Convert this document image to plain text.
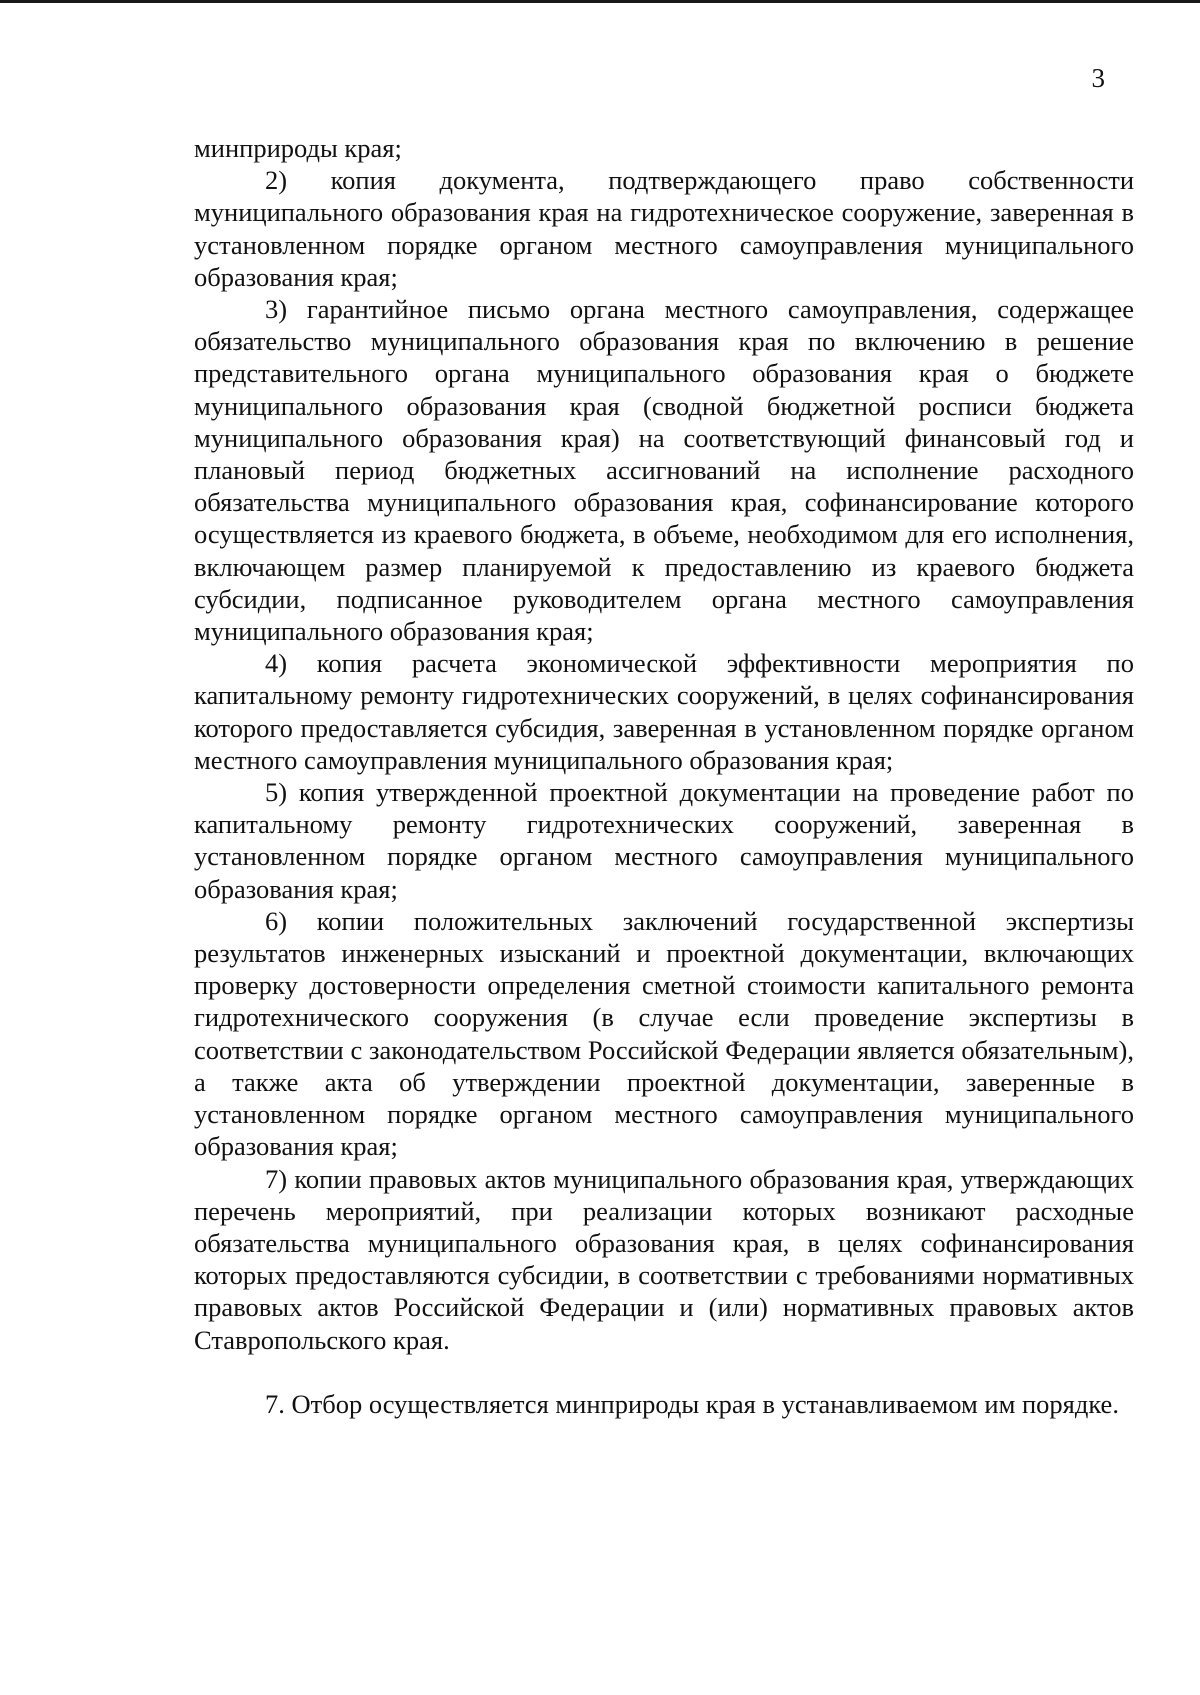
3

минприроды края;

2) копия документа, подтверждающего право собственности муниципального образования края на гидротехническое сооружение, заверенная в установленном порядке органом местного самоуправления муниципального образования края;

3) гарантийное письмо органа местного самоуправления, содержащее обязательство муниципального образования края по включению в решение представительного органа муниципального образования края о бюджете муниципального образования края (сводной бюджетной росписи бюджета муниципального образования края) на соответствующий финансовый год и плановый период бюджетных ассигнований на исполнение расходного обязательства муниципального образования края, софинансирование которого осуществляется из краевого бюджета, в объеме, необходимом для его исполнения, включающем размер планируемой к предоставлению из краевого бюджета субсидии, подписанное руководителем органа местного самоуправления муниципального образования края;

4) копия расчета экономической эффективности мероприятия по капитальному ремонту гидротехнических сооружений, в целях софинансирования которого предоставляется субсидия, заверенная в установленном порядке органом местного самоуправления муниципального образования края;

5) копия утвержденной проектной документации на проведение работ по капитальному ремонту гидротехнических сооружений, заверенная в установленном порядке органом местного самоуправления муниципального образования края;

6) копии положительных заключений государственной экспертизы результатов инженерных изысканий и проектной документации, включающих проверку достоверности определения сметной стоимости капитального ремонта гидротехнического сооружения (в случае если проведение экспертизы в соответствии с законодательством Российской Федерации является обязательным), а также акта об утверждении проектной документации, заверенные в установленном порядке органом местного самоуправления муниципального образования края;

7) копии правовых актов муниципального образования края, утверждающих перечень мероприятий, при реализации которых возникают расходные обязательства муниципального образования края, в целях софинансирования которых предоставляются субсидии, в соответствии с требованиями нормативных правовых актов Российской Федерации и (или) нормативных правовых актов Ставропольского края.

7. Отбор осуществляется минприроды края в устанавливаемом им порядке.
